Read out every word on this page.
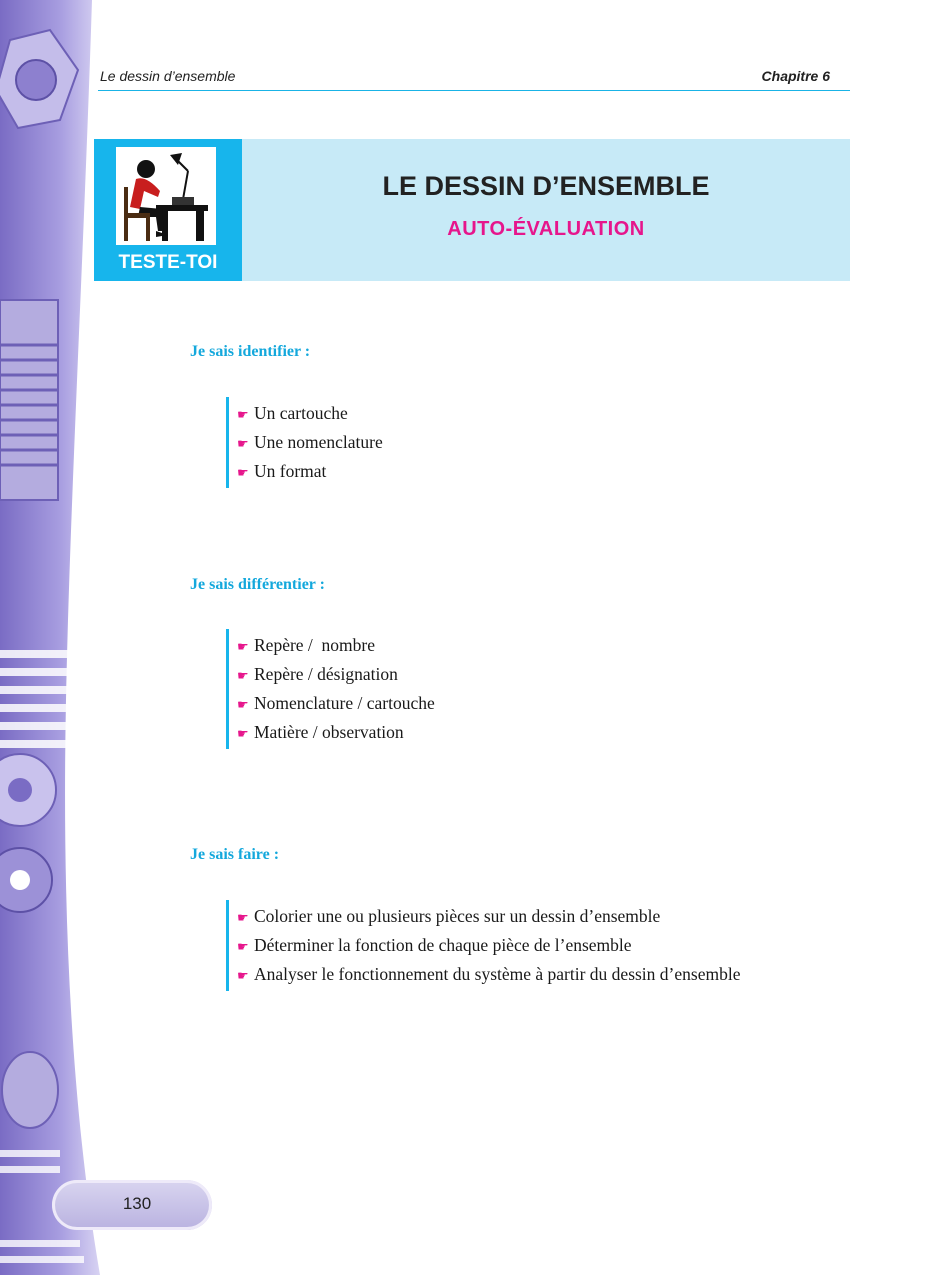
Le dessin d’ensemble	Chapitre 6
TESTE-TOI
LE DESSIN D’ENSEMBLE
AUTO-ÉVALUATION
Je sais identifier :
☛ Un cartouche
☛ Une nomenclature
☛ Un format
Je sais différentier :
☛ Repère /  nombre
☛ Repère / désignation
☛ Nomenclature / cartouche
☛ Matière / observation
Je sais faire :
☛ Colorier une ou plusieurs pièces sur un dessin d’ensemble
☛ Déterminer la fonction de chaque pièce de l’ensemble
☛ Analyser le fonctionnement du système à partir du dessin d’ensemble
130
